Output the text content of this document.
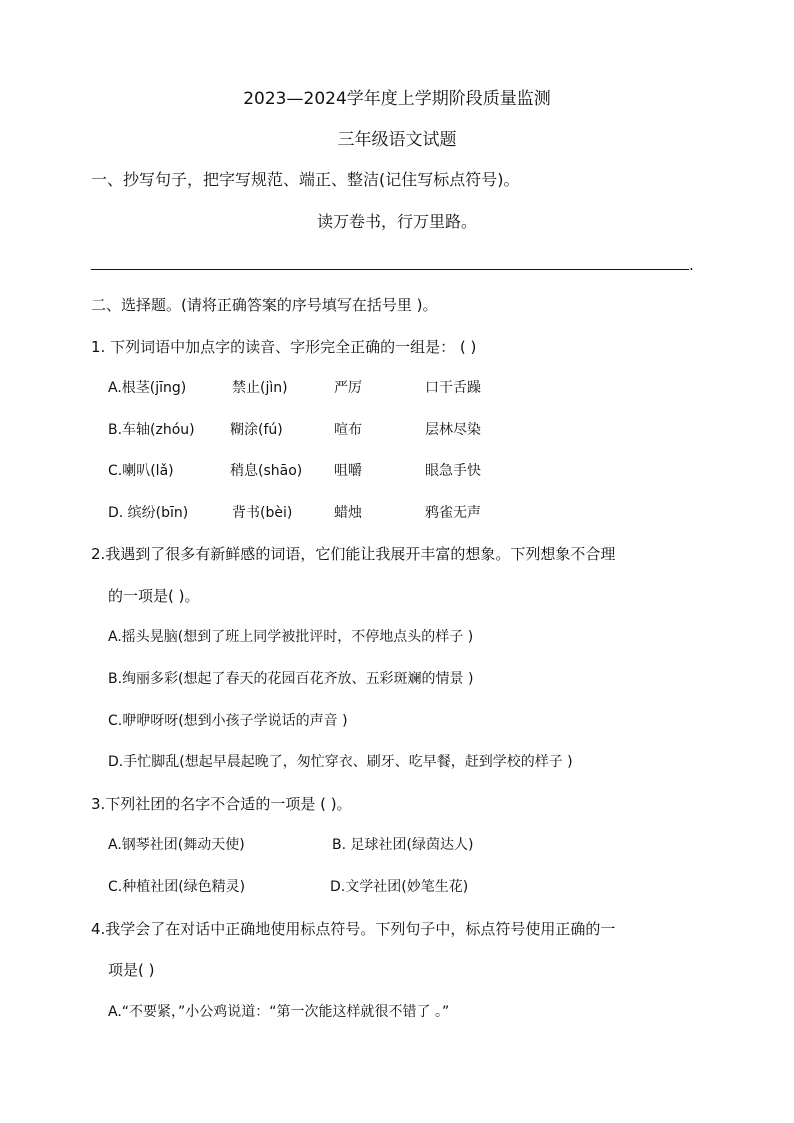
2023—2024学年度上学期阶段质量监测
三年级语文试题
一、抄写句子，把字写规范、端正、整洁(记住写标点符号)。
读万卷书，行万里路。
.
二、选择题。(请将正确答案的序号填写在括号里 )。
1. 下列词语中加点字的读音、字形完全正确的一组是： ( )
A.根茎(jīng)	禁止(jìn)	严厉	口干舌躁
B.车轴(zhóu)	糊涂(fú)	喧布	层林尽染
C.喇叭(lǎ)	稍息(shāo) 咀嚼	眼急手快
D. 缤纷(bīn)	背书(bèi)	蜡烛	鸦雀无声
2.我遇到了很多有新鲜感的词语，它们能让我展开丰富的想象。下列想象不合理
的一项是( )。
A.摇头晃脑(想到了班上同学被批评时，不停地点头的样子 )
B.绚丽多彩(想起了春天的花园百花齐放、五彩斑斓的情景 )
C.咿咿呀呀(想到小孩子学说话的声音 )
D.手忙脚乱(想起早晨起晚了，匆忙穿衣、刷牙、吃早餐，赶到学校的样子 )
3.下列社团的名字不合适的一项是 ( )。
A.钢琴社团(舞动天使)	B. 足球社团(绿茵达人)
C.种植社团(绿色精灵)	D.文学社团(妙笔生花)
4.我学会了在对话中正确地使用标点符号。下列句子中，标点符号使用正确的一
项是( )
A.“不要紧，”小公鸡说道：“第一次能这样就很不错了 。”
